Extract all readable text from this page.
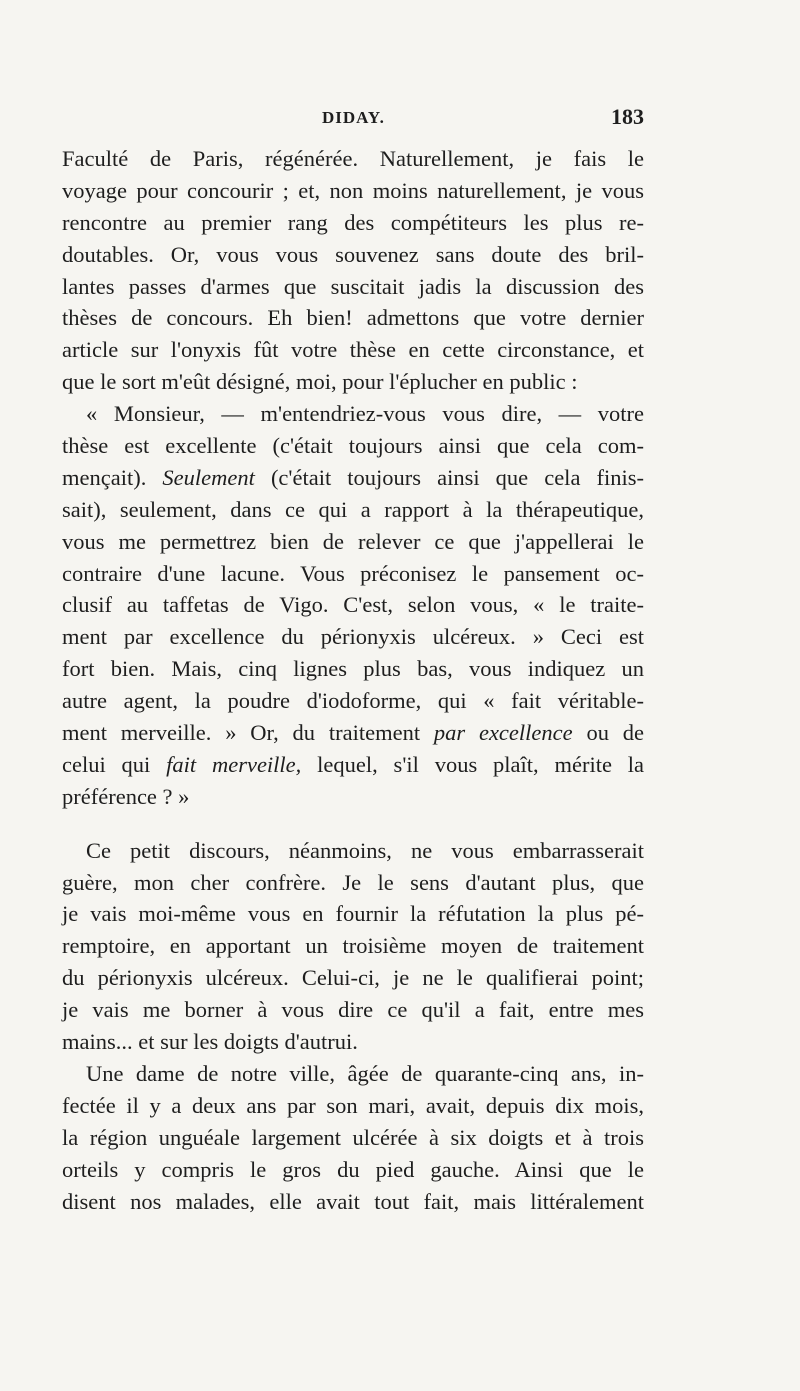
DIDAY.	183
Faculté de Paris, régénérée. Naturellement, je fais le
voyage pour concourir ; et, non moins naturellement, je vous
rencontre au premier rang des compétiteurs les plus re-
doutables. Or, vous vous souvenez sans doute des bril-
lantes passes d'armes que suscitait jadis la discussion des
thèses de concours. Eh bien! admettons que votre dernier
article sur l'onyxis fût votre thèse en cette circonstance, et
que le sort m'eût désigné, moi, pour l'éplucher en public :
« Monsieur, — m'entendriez-vous vous dire, — votre
thèse est excellente (c'était toujours ainsi que cela com-
mençait). Seulement (c'était toujours ainsi que cela finis-
sait), seulement, dans ce qui a rapport à la thérapeutique,
vous me permettrez bien de relever ce que j'appellerai le
contraire d'une lacune. Vous préconisez le pansement oc-
clusif au taffetas de Vigo. C'est, selon vous, « le traite-
ment par excellence du périonyxis ulcéreux. » Ceci est
fort bien. Mais, cinq lignes plus bas, vous indiquez un
autre agent, la poudre d'iodoforme, qui « fait véritable-
ment merveille. » Or, du traitement par excellence ou de
celui qui fait merveille, lequel, s'il vous plaît, mérite la
préférence ? »
Ce petit discours, néanmoins, ne vous embarrasserait
guère, mon cher confrère. Je le sens d'autant plus, que
je vais moi-même vous en fournir la réfutation la plus pé-
remptoire, en apportant un troisième moyen de traitement
du périonyxis ulcéreux. Celui-ci, je ne le qualifierai point;
je vais me borner à vous dire ce qu'il a fait, entre mes
mains... et sur les doigts d'autrui.
Une dame de notre ville, âgée de quarante-cinq ans, in-
fectée il y a deux ans par son mari, avait, depuis dix mois,
la région unguéale largement ulcérée à six doigts et à trois
orteils y compris le gros du pied gauche. Ainsi que le
disent nos malades, elle avait tout fait, mais littéralement
